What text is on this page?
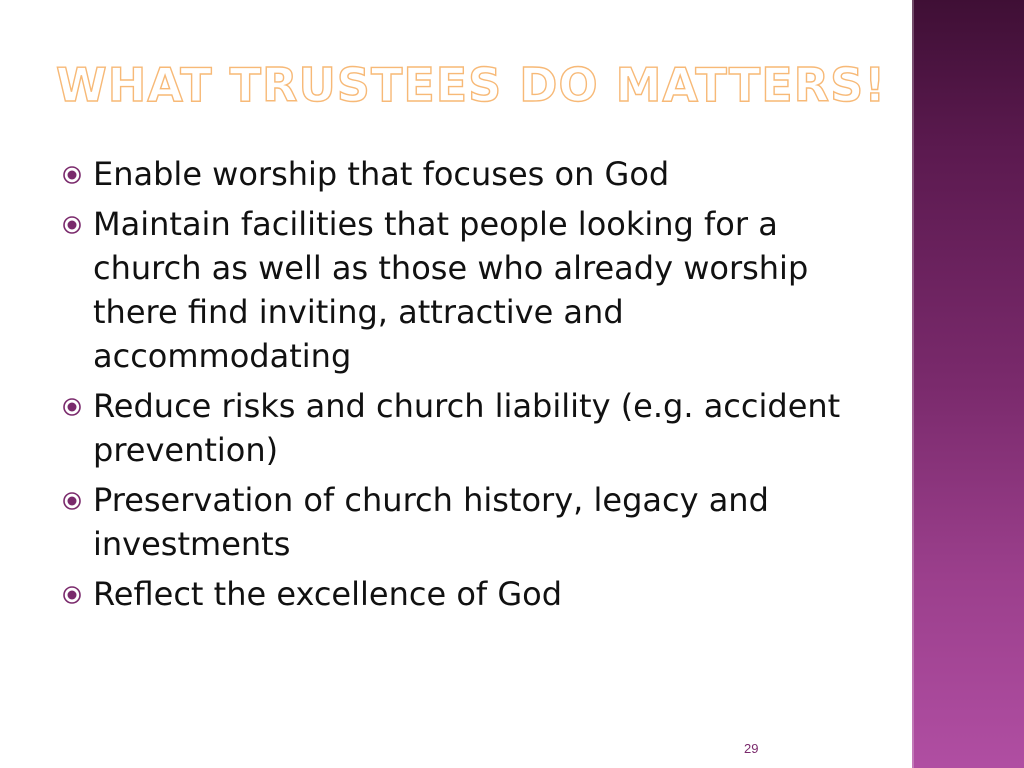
WHAT TRUSTEES DO MATTERS!
Enable worship that focuses on God
Maintain facilities that people looking for a church as well as those who already worship there find inviting, attractive and accommodating
Reduce risks and church liability (e.g. accident prevention)
Preservation of church history, legacy and investments
Reflect the excellence of God
29
